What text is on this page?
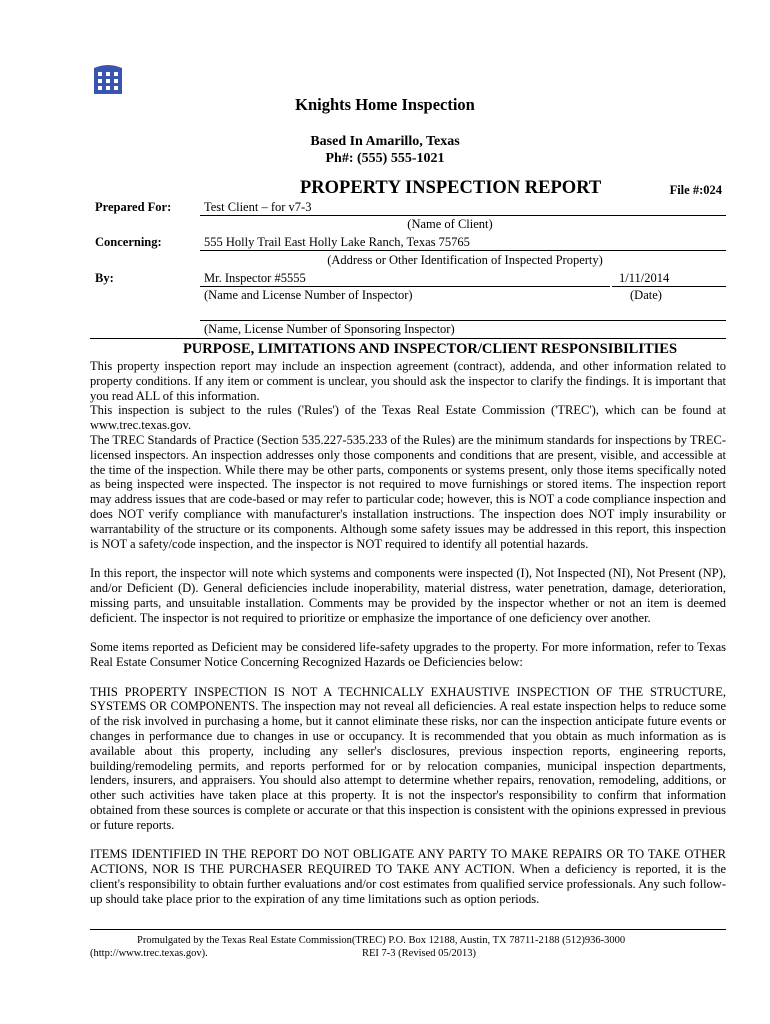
Knights Home Inspection
Based In Amarillo, Texas
Ph#: (555) 555-1021
PROPERTY INSPECTION REPORT	File #:024
Prepared For:	Test Client – for v7-3
(Name of Client)
Concerning:	555 Holly Trail East Holly Lake Ranch, Texas 75765
(Address or Other Identification of Inspected Property)
By:	Mr. Inspector #5555	1/11/2014
(Name and License Number of Inspector)	(Date)
(Name, License Number of Sponsoring Inspector)
PURPOSE, LIMITATIONS AND INSPECTOR/CLIENT RESPONSIBILITIES

This property inspection report may include an inspection agreement (contract), addenda, and other information related to property conditions. If any item or comment is unclear, you should ask the inspector to clarify the findings. It is important that you read ALL of this information.

This inspection is subject to the rules ('Rules') of the Texas Real Estate Commission ('TREC'), which can be found at www.trec.texas.gov.

The TREC Standards of Practice (Section 535.227-535.233 of the Rules) are the minimum standards for inspections by TREC-licensed inspectors. An inspection addresses only those components and conditions that are present, visible, and accessible at the time of the inspection. While there may be other parts, components or systems present, only those items specifically noted as being inspected were inspected. The inspector is not required to move furnishings or stored items. The inspection report may address issues that are code-based or may refer to particular code; however, this is NOT a code compliance inspection and does NOT verify compliance with manufacturer's installation instructions. The inspection does NOT imply insurability or warrantability of the structure or its components. Although some safety issues may be addressed in this report, this inspection is NOT a safety/code inspection, and the inspector is NOT required to identify all potential hazards.

In this report, the inspector will note which systems and components were inspected (I), Not Inspected (NI), Not Present (NP), and/or Deficient (D). General deficiencies include inoperability, material distress, water penetration, damage, deterioration, missing parts, and unsuitable installation. Comments may be provided by the inspector whether or not an item is deemed deficient. The inspector is not required to prioritize or emphasize the importance of one deficiency over another.

Some items reported as Deficient may be considered life-safety upgrades to the property. For more information, refer to Texas Real Estate Consumer Notice Concerning Recognized Hazards oe Deficiencies below:

THIS PROPERTY INSPECTION IS NOT A TECHNICALLY EXHAUSTIVE INSPECTION OF THE STRUCTURE, SYSTEMS OR COMPONENTS. The inspection may not reveal all deficiencies. A real estate inspection helps to reduce some of the risk involved in purchasing a home, but it cannot eliminate these risks, nor can the inspection anticipate future events or changes in performance due to changes in use or occupancy. It is recommended that you obtain as much information as is available about this property, including any seller's disclosures, previous inspection reports, engineering reports, building/remodeling permits, and reports performed for or by relocation companies, municipal inspection departments, lenders, insurers, and appraisers. You should also attempt to determine whether repairs, renovation, remodeling, additions, or other such activities have taken place at this property. It is not the inspector's responsibility to confirm that information obtained from these sources is complete or accurate or that this inspection is consistent with the opinions expressed in previous or future reports.

ITEMS IDENTIFIED IN THE REPORT DO NOT OBLIGATE ANY PARTY TO MAKE REPAIRS OR TO TAKE OTHER ACTIONS, NOR IS THE PURCHASER REQUIRED TO TAKE ANY ACTION. When a deficiency is reported, it is the client's responsibility to obtain further evaluations and/or cost estimates from qualified service professionals. Any such follow-up should take place prior to the expiration of any time limitations such as option periods.

Promulgated by the Texas Real Estate Commission(TREC) P.O. Box 12188, Austin, TX 78711-2188 (512)936-3000
(http://www.trec.texas.gov).	REI 7-3 (Revised 05/2013)
